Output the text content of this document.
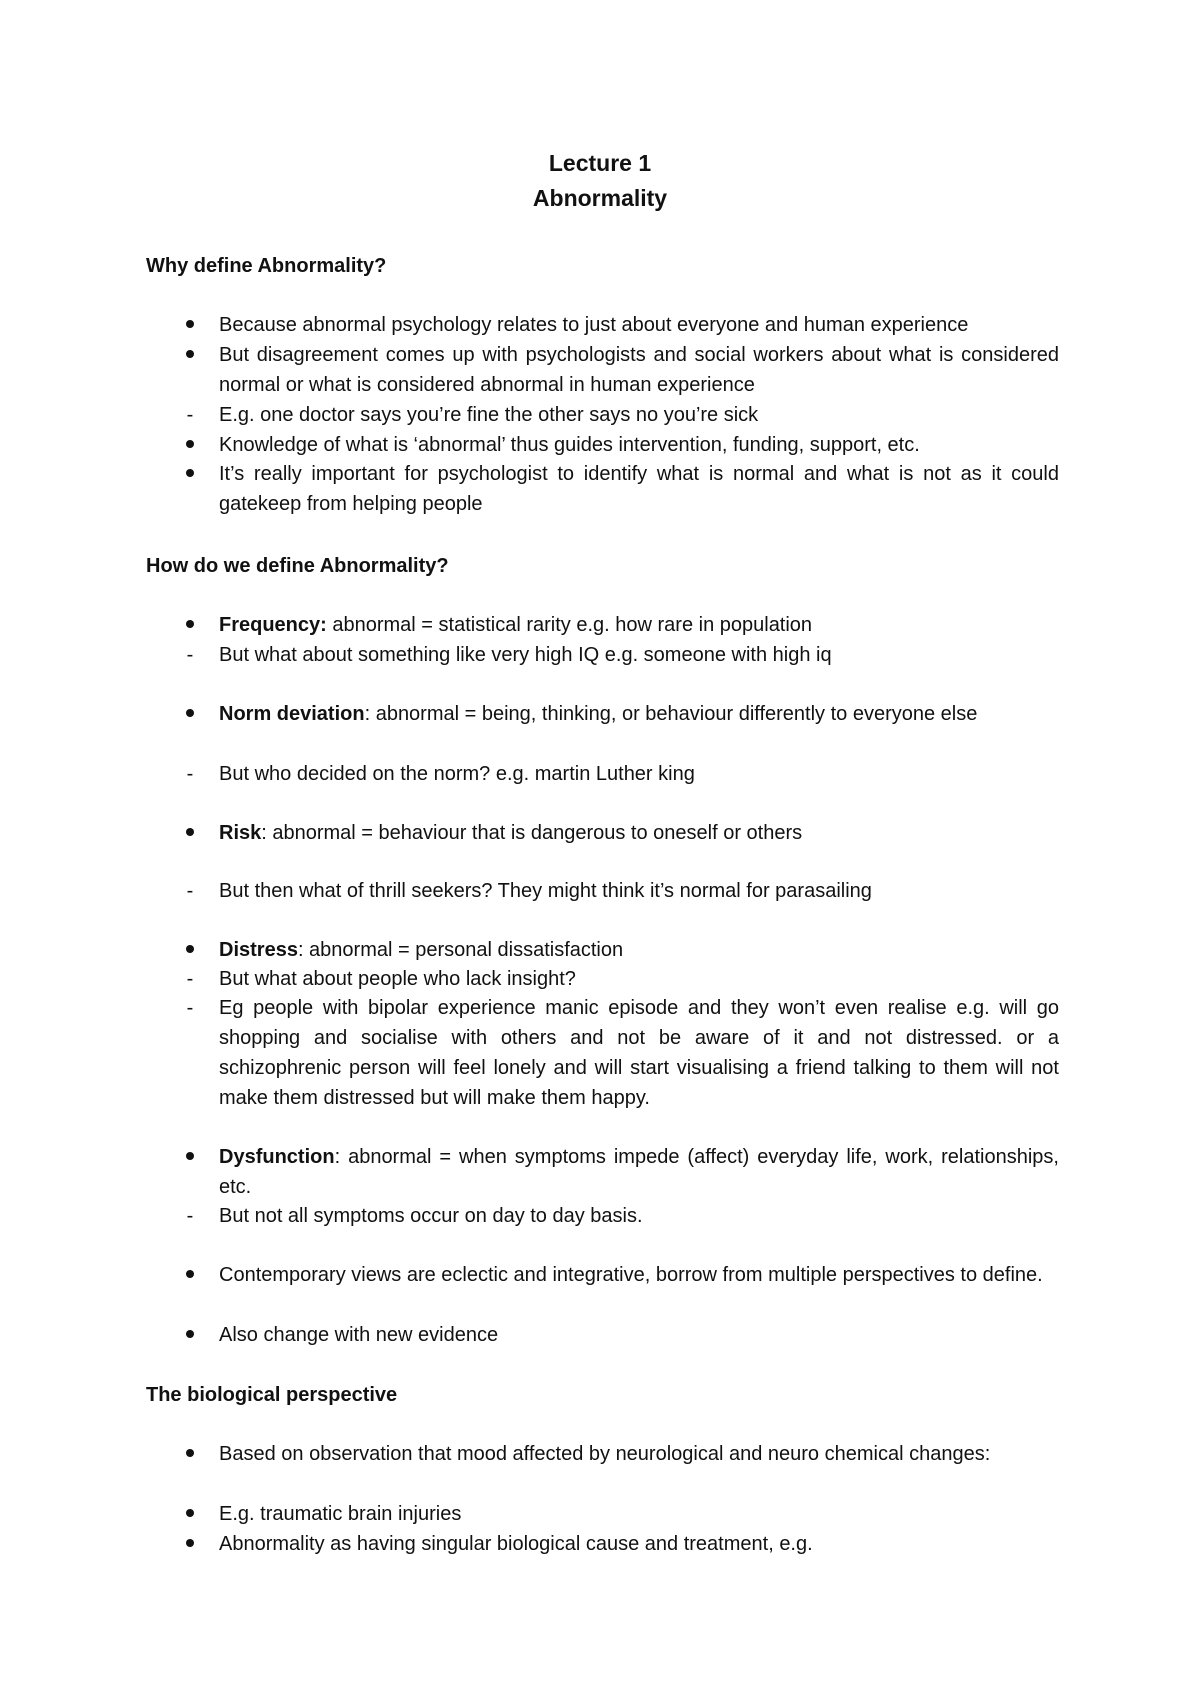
Lecture 1
Abnormality
Why define Abnormality?
Because abnormal psychology relates to just about everyone and human experience
But disagreement comes up with psychologists and social workers about what is considered normal or what is considered abnormal in human experience
-	E.g. one doctor says you’re fine the other says no you’re sick
Knowledge of what is ‘abnormal’ thus guides intervention, funding, support, etc.
It’s really important for psychologist to identify what is normal and what is not as it could gatekeep from helping people
How do we define Abnormality?
Frequency: abnormal = statistical rarity e.g. how rare in population
-	But what about something like very high IQ e.g. someone with high iq
Norm deviation: abnormal = being, thinking, or behaviour differently to everyone else
-	But who decided on the norm? e.g. martin Luther king
Risk: abnormal = behaviour that is dangerous to oneself or others
-	But then what of thrill seekers? They might think it’s normal for parasailing
Distress: abnormal = personal dissatisfaction
-	But what about people who lack insight?
-	Eg people with bipolar experience manic episode and they won’t even realise e.g. will go shopping and socialise with others and not be aware of it and not distressed. or a schizophrenic person will feel lonely and will start visualising a friend talking to them will not make them distressed but will make them happy.
Dysfunction: abnormal = when symptoms impede (affect) everyday life, work, relationships, etc.
-	But not all symptoms occur on day to day basis.
Contemporary views are eclectic and integrative, borrow from multiple perspectives to define.
Also change with new evidence
The biological perspective
Based on observation that mood affected by neurological and neuro chemical changes:
E.g. traumatic brain injuries
Abnormality as having singular biological cause and treatment, e.g.
